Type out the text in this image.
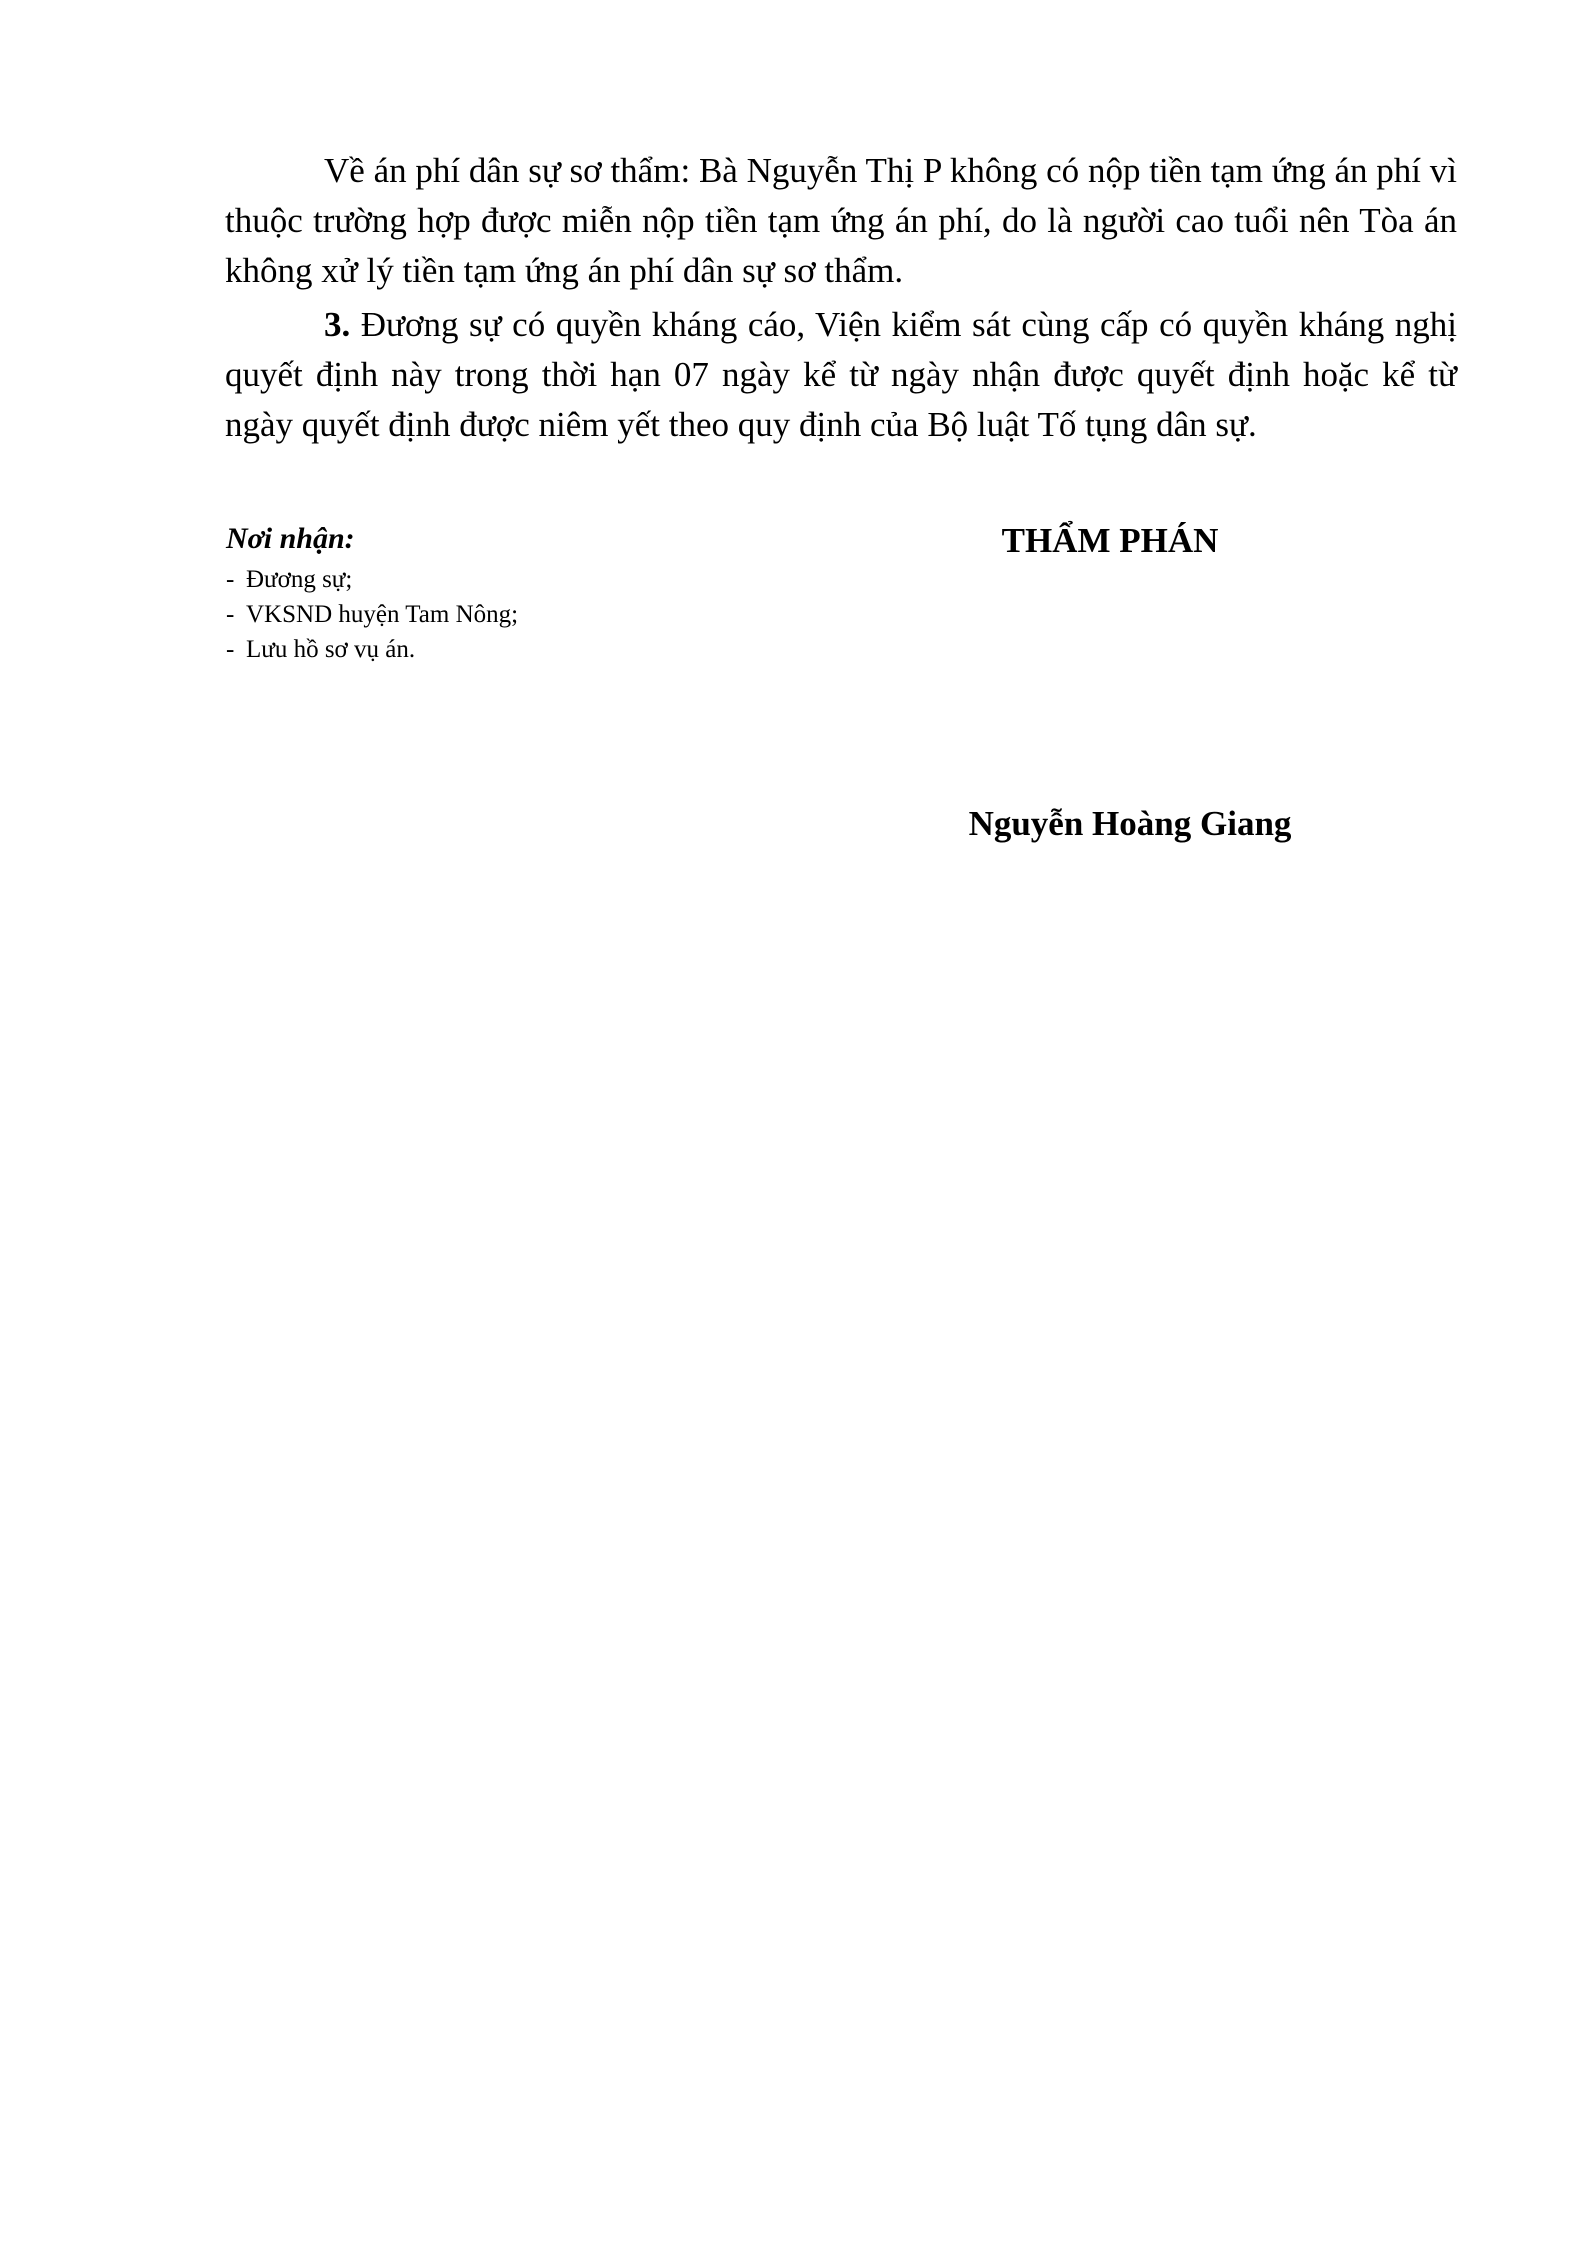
Về án phí dân sự sơ thẩm: Bà Nguyễn Thị P không có nộp tiền tạm ứng án phí vì thuộc trường hợp được miễn nộp tiền tạm ứng án phí, do là người cao tuổi nên Tòa án không xử lý tiền tạm ứng án phí dân sự sơ thẩm.

3. Đương sự có quyền kháng cáo, Viện kiểm sát cùng cấp có quyền kháng nghị quyết định này trong thời hạn 07 ngày kể từ ngày nhận được quyết định hoặc kể từ ngày quyết định được niêm yết theo quy định của Bộ luật Tố tụng dân sự.

Nơi nhận:
- Đương sự;
- VKSND huyện Tam Nông;
- Lưu hồ sơ vụ án.
THẨM PHÁN
Nguyễn Hoàng Giang
